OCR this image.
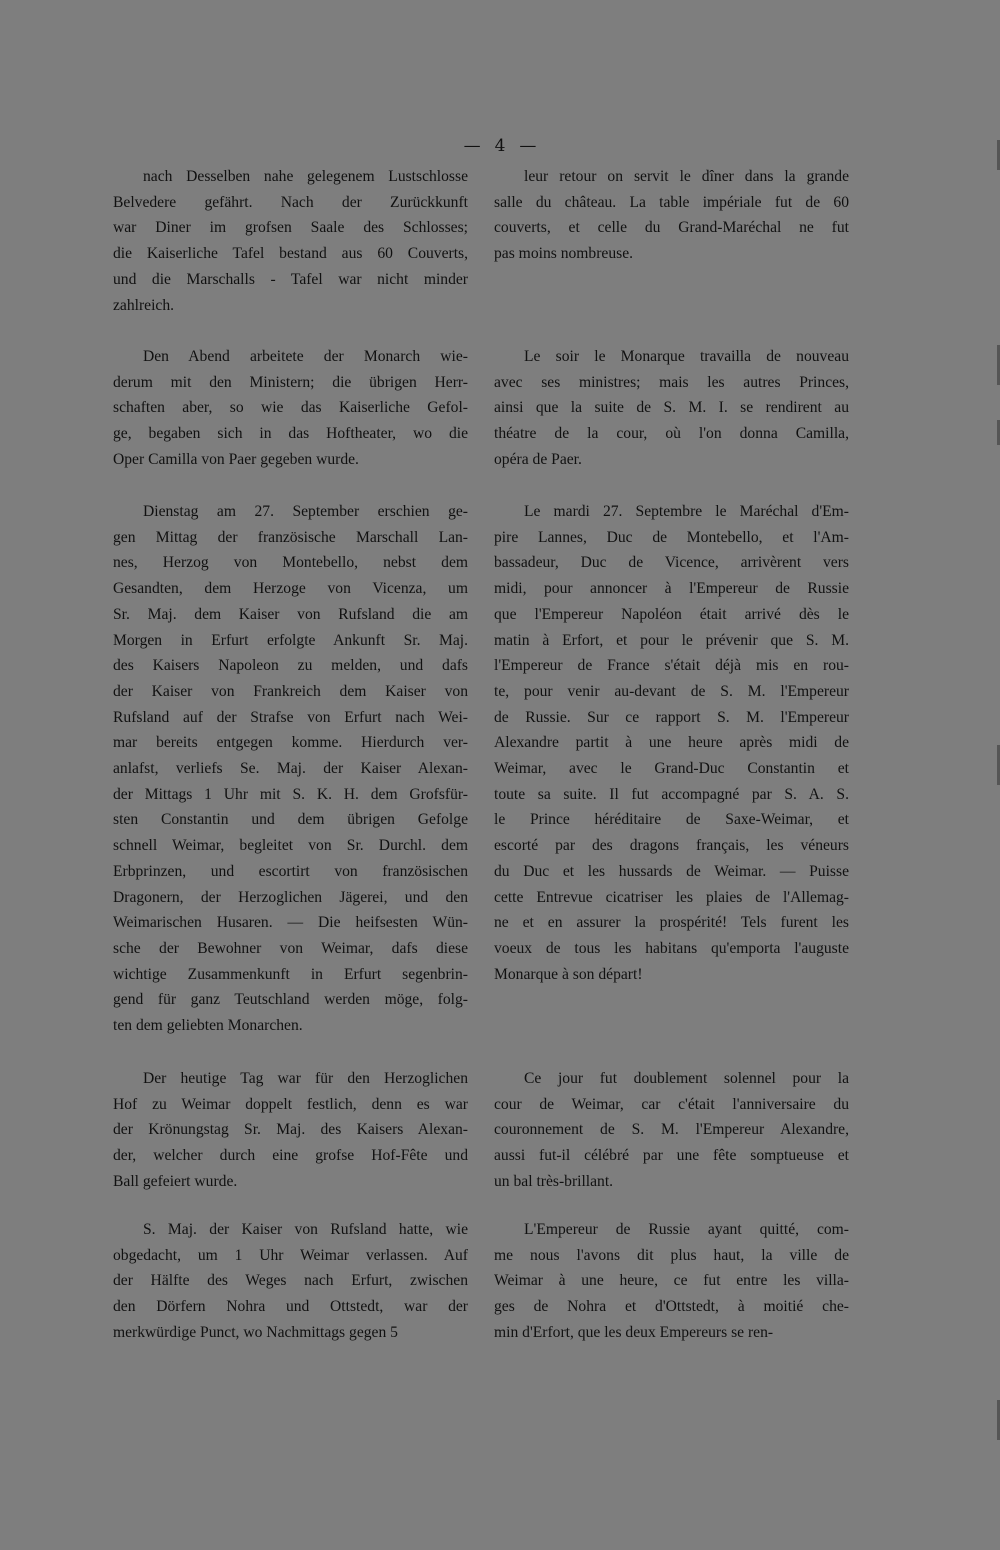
— 4 —

nach Desselben nahe gelegenem Lustschlosse
Belvedere gefährt. Nach der Zurückkunft
war Diner im grofsen Saale des Schlosses;
die Kaiserliche Tafel bestand aus 60 Couverts,
und die Marschalls - Tafel war nicht minder
zahlreich.

Den Abend arbeitete der Monarch wie-
derum mit den Ministern; die übrigen Herr-
schaften aber, so wie das Kaiserliche Gefol-
ge, begaben sich in das Hoftheater, wo die
Oper Camilla von Paer gegeben wurde.

Dienstag am 27. September erschien ge-
gen Mittag der französische Marschall Lan-
nes, Herzog von Montebello, nebst dem
Gesandten, dem Herzoge von Vicenza, um
Sr. Maj. dem Kaiser von Rufsland die am
Morgen in Erfurt erfolgte Ankunft Sr. Maj.
des Kaisers Napoleon zu melden, und dafs
der Kaiser von Frankreich dem Kaiser von
Rufsland auf der Strafse von Erfurt nach Wei-
mar bereits entgegen komme. Hierdurch ver-
anlafst, verliefs Se. Maj. der Kaiser Alexan-
der Mittags 1 Uhr mit S. K. H. dem Grofsfür-
sten Constantin und dem übrigen Gefolge
schnell Weimar, begleitet von Sr. Durchl. dem
Erbprinzen, und escortirt von französischen
Dragonern, der Herzoglichen Jägerei, und den
Weimarischen Husaren. — Die heifsesten Wün-
sche der Bewohner von Weimar, dafs diese
wichtige Zusammenkunft in Erfurt segenbrin-
gend für ganz Teutschland werden möge, folg-
ten dem geliebten Monarchen.

Der heutige Tag war für den Herzoglichen
Hof zu Weimar doppelt festlich, denn es war
der Krönungstag Sr. Maj. des Kaisers Alexan-
der, welcher durch eine grofse Hof-Fête und
Ball gefeiert wurde.

S. Maj. der Kaiser von Rufsland hatte, wie
obgedacht, um 1 Uhr Weimar verlassen. Auf
der Hälfte des Weges nach Erfurt, zwischen
den Dörfern Nohra und Ottstedt, war der
merkwürdige Punct, wo Nachmittags gegen 5

leur retour on servit le dîner dans la grande
salle du château. La table impériale fut de 60
couverts, et celle du Grand-Maréchal ne fut
pas moins nombreuse.

Le soir le Monarque travailla de nouveau
avec ses ministres; mais les autres Princes,
ainsi que la suite de S. M. I. se rendirent au
théatre de la cour, où l'on donna Camilla,
opéra de Paer.

Le mardi 27. Septembre le Maréchal d'Em-
pire Lannes, Duc de Montebello, et l'Am-
bassadeur, Duc de Vicence, arrivèrent vers
midi, pour annoncer à l'Empereur de Russie
que l'Empereur Napoléon était arrivé dès le
matin à Erfort, et pour le prévenir que S. M.
l'Empereur de France s'était déjà mis en rou-
te, pour venir au-devant de S. M. l'Empereur
de Russie. Sur ce rapport S. M. l'Empereur
Alexandre partit à une heure après midi de
Weimar, avec le Grand-Duc Constantin et
toute sa suite. Il fut accompagné par S. A. S.
le Prince héréditaire de Saxe-Weimar, et
escorté par des dragons français, les véneurs
du Duc et les hussards de Weimar. — Puisse
cette Entrevue cicatriser les plaies de l'Allemag-
ne et en assurer la prospérité! Tels furent les
voeux de tous les habitans qu'emporta l'auguste
Monarque à son départ!

Ce jour fut doublement solennel pour la
cour de Weimar, car c'était l'anniversaire du
couronnement de S. M. l'Empereur Alexandre,
aussi fut-il célébré par une fête somptueuse et
un bal très-brillant.

L'Empereur de Russie ayant quitté, com-
me nous l'avons dit plus haut, la ville de
Weimar à une heure, ce fut entre les villa-
ges de Nohra et d'Ottstedt, à moitié che-
min d'Erfort, que les deux Empereurs se ren-
